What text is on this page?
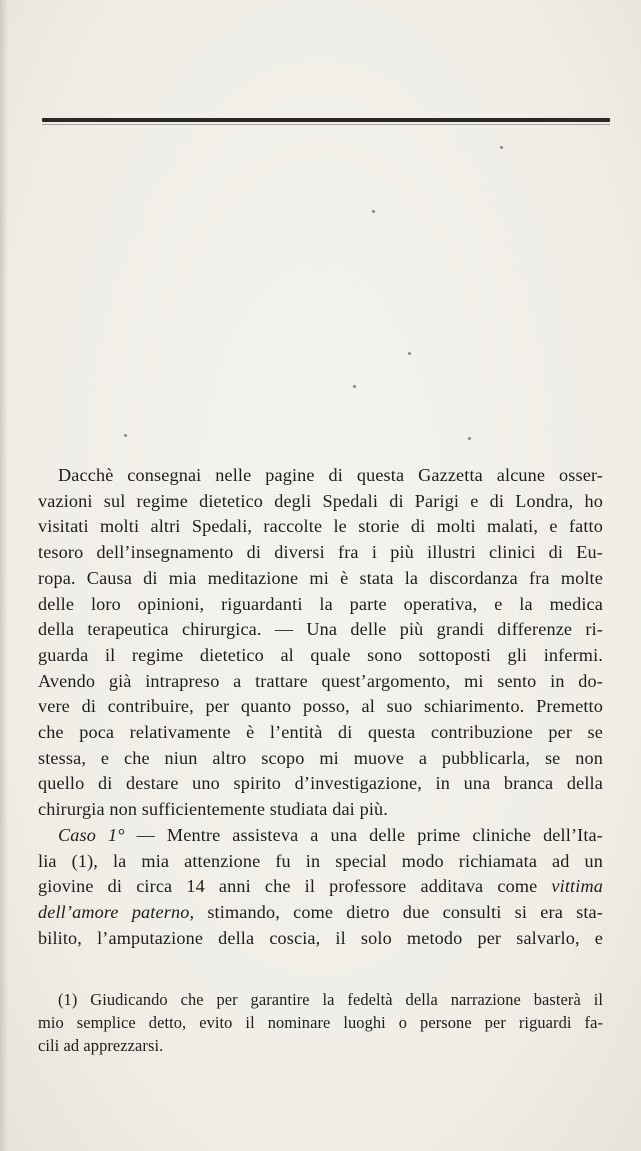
Dacchè consegnai nelle pagine di questa Gazzetta alcune osser-
vazioni sul regime dietetico degli Spedali di Parigi e di Londra, ho
visitati molti altri Spedali, raccolte le storie di molti malati, e fatto
tesoro dell’insegnamento di diversi fra i più illustri clinici di Eu-
ropa. Causa di mia meditazione mi è stata la discordanza fra molte
delle loro opinioni, riguardanti la parte operativa, e la medica
della terapeutica chirurgica. — Una delle più grandi differenze ri-
guarda il regime dietetico al quale sono sottoposti gli infermi.
Avendo già intrapreso a trattare quest’argomento, mi sento in do-
vere di contribuire, per quanto posso, al suo schiarimento. Premetto
che poca relativamente è l’entità di questa contribuzione per se
stessa, e che niun altro scopo mi muove a pubblicarla, se non
quello di destare uno spirito d’investigazione, in una branca della
chirurgia non sufficientemente studiata dai più.

Caso 1° — Mentre assisteva a una delle prime cliniche dell’Ita-
lia (1), la mia attenzione fu in special modo richiamata ad un
giovine di circa 14 anni che il professore additava come vittima
dell’amore paterno, stimando, come dietro due consulti si era sta-
bilito, l’amputazione della coscia, il solo metodo per salvarlo, e

(1) Giudicando che per garantire la fedeltà della narrazione basterà il
mio semplice detto, evito il nominare luoghi o persone per riguardi fa-
cili ad apprezzarsi.
